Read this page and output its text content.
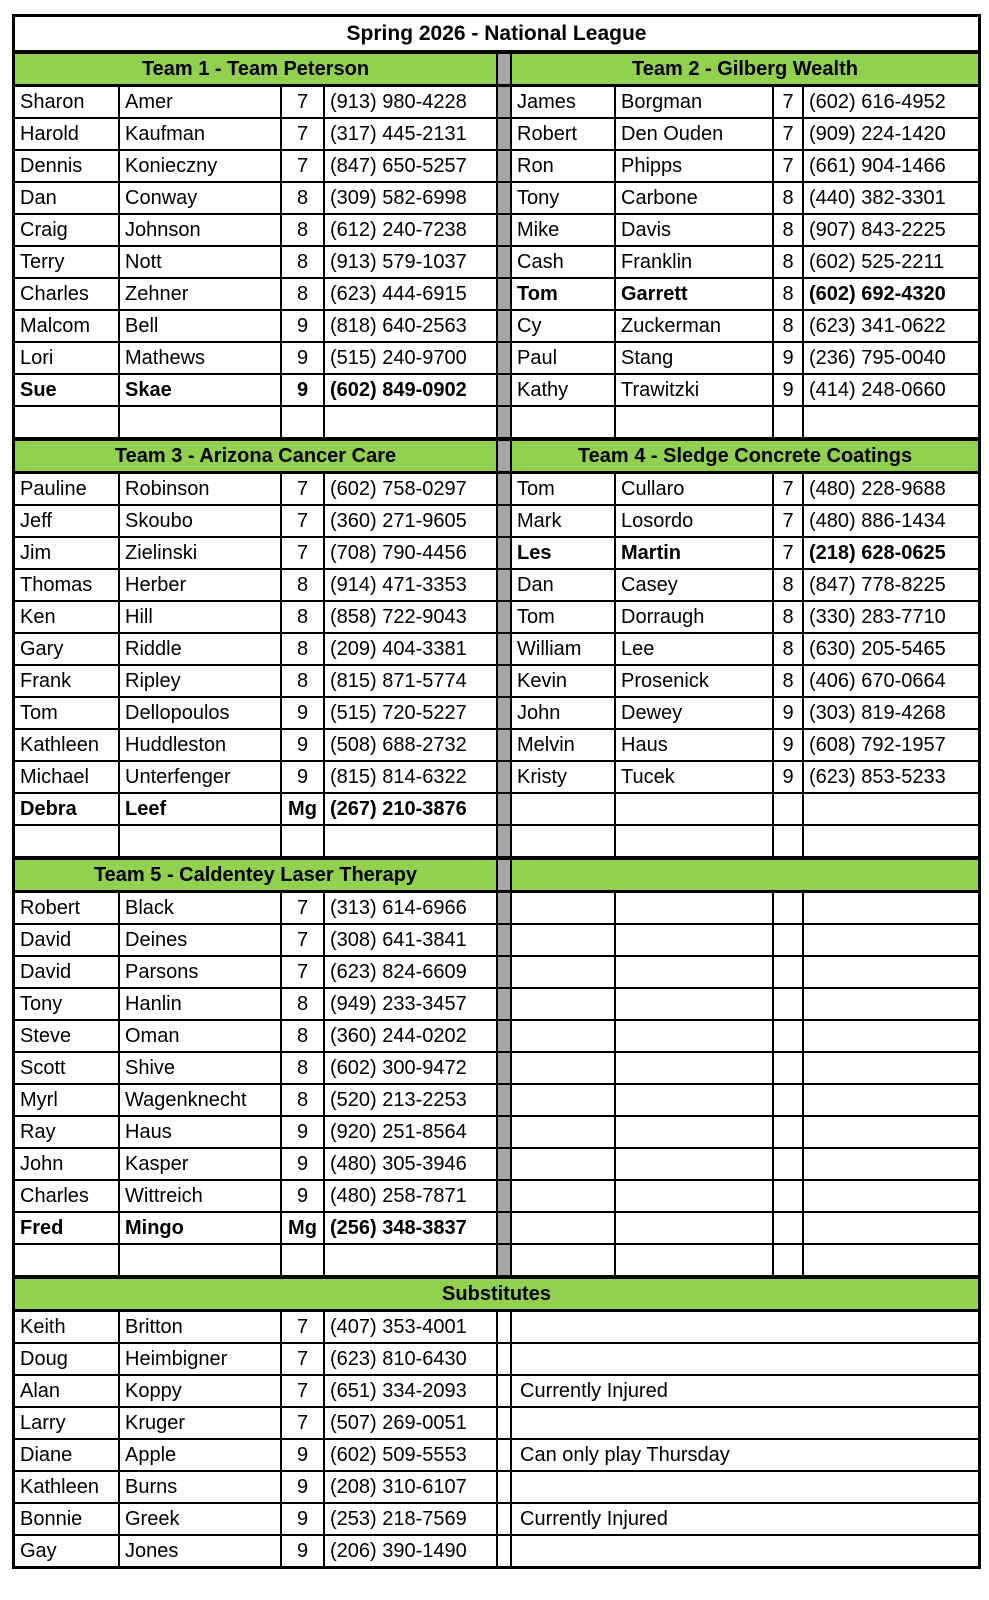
Spring 2026 - National League
Team 1 - Team Peterson	Team 2 - Gilberg Wealth
Sharon	Amer	7	(913) 980-4228	James	Borgman	7 (602) 616-4952
Harold	Kaufman	7	(317) 445-2131	Robert	Den Ouden	7 (909) 224-1420
Dennis	Konieczny	7	(847) 650-5257	Ron	Phipps	7 (661) 904-1466
Dan	Conway	8	(309) 582-6998	Tony	Carbone	8 (440) 382-3301
Craig	Johnson	8	(612) 240-7238	Mike	Davis	8 (907) 843-2225
Terry	Nott	8	(913) 579-1037	Cash	Franklin	8 (602) 525-2211
Charles	Zehner	8	(623) 444-6915	Tom	Garrett	8 (602) 692-4320
Malcom	Bell	9	(818) 640-2563	Cy	Zuckerman	8 (623) 341-0622
Lori	Mathews	9	(515) 240-9700	Paul	Stang	9 (236) 795-0040
Sue	Skae	9	(602) 849-0902	Kathy	Trawitzki	9 (414) 248-0660
Team 3 - Arizona Cancer Care	Team 4 - Sledge Concrete Coatings
Pauline	Robinson	7	(602) 758-0297	Tom	Cullaro	7 (480) 228-9688
Jeff	Skoubo	7	(360) 271-9605	Mark	Losordo	7 (480) 886-1434
Jim	Zielinski	7	(708) 790-4456	Les	Martin	7 (218) 628-0625
Thomas	Herber	8	(914) 471-3353	Dan	Casey	8 (847) 778-8225
Ken	Hill	8	(858) 722-9043	Tom	Dorraugh	8 (330) 283-7710
Gary	Riddle	8	(209) 404-3381	William	Lee	8 (630) 205-5465
Frank	Ripley	8	(815) 871-5774	Kevin	Prosenick	8 (406) 670-0664
Tom	Dellopoulos	9	(515) 720-5227	John	Dewey	9 (303) 819-4268
Kathleen	Huddleston	9	(508) 688-2732	Melvin	Haus	9 (608) 792-1957
Michael	Unterfenger	9	(815) 814-6322	Kristy	Tucek	9 (623) 853-5233
Debra	Leef	Mg (267) 210-3876
Team 5 - Caldentey Laser Therapy
Robert	Black	7	(313) 614-6966
David	Deines	7	(308) 641-3841
David	Parsons	7	(623) 824-6609
Tony	Hanlin	8	(949) 233-3457
Steve	Oman	8	(360) 244-0202
Scott	Shive	8	(602) 300-9472
Myrl	Wagenknecht	8	(520) 213-2253
Ray	Haus	9	(920) 251-8564
John	Kasper	9	(480) 305-3946
Charles	Wittreich	9	(480) 258-7871
Fred	Mingo	Mg (256) 348-3837
Substitutes
Keith	Britton	7	(407) 353-4001
Doug	Heimbigner	7	(623) 810-6430
Alan	Koppy	7	(651) 334-2093	Currently Injured
Larry	Kruger	7	(507) 269-0051
Diane	Apple	9	(602) 509-5553	Can only play Thursday
Kathleen	Burns	9	(208) 310-6107
Bonnie	Greek	9	(253) 218-7569	Currently Injured
Gay	Jones	9	(206) 390-1490
